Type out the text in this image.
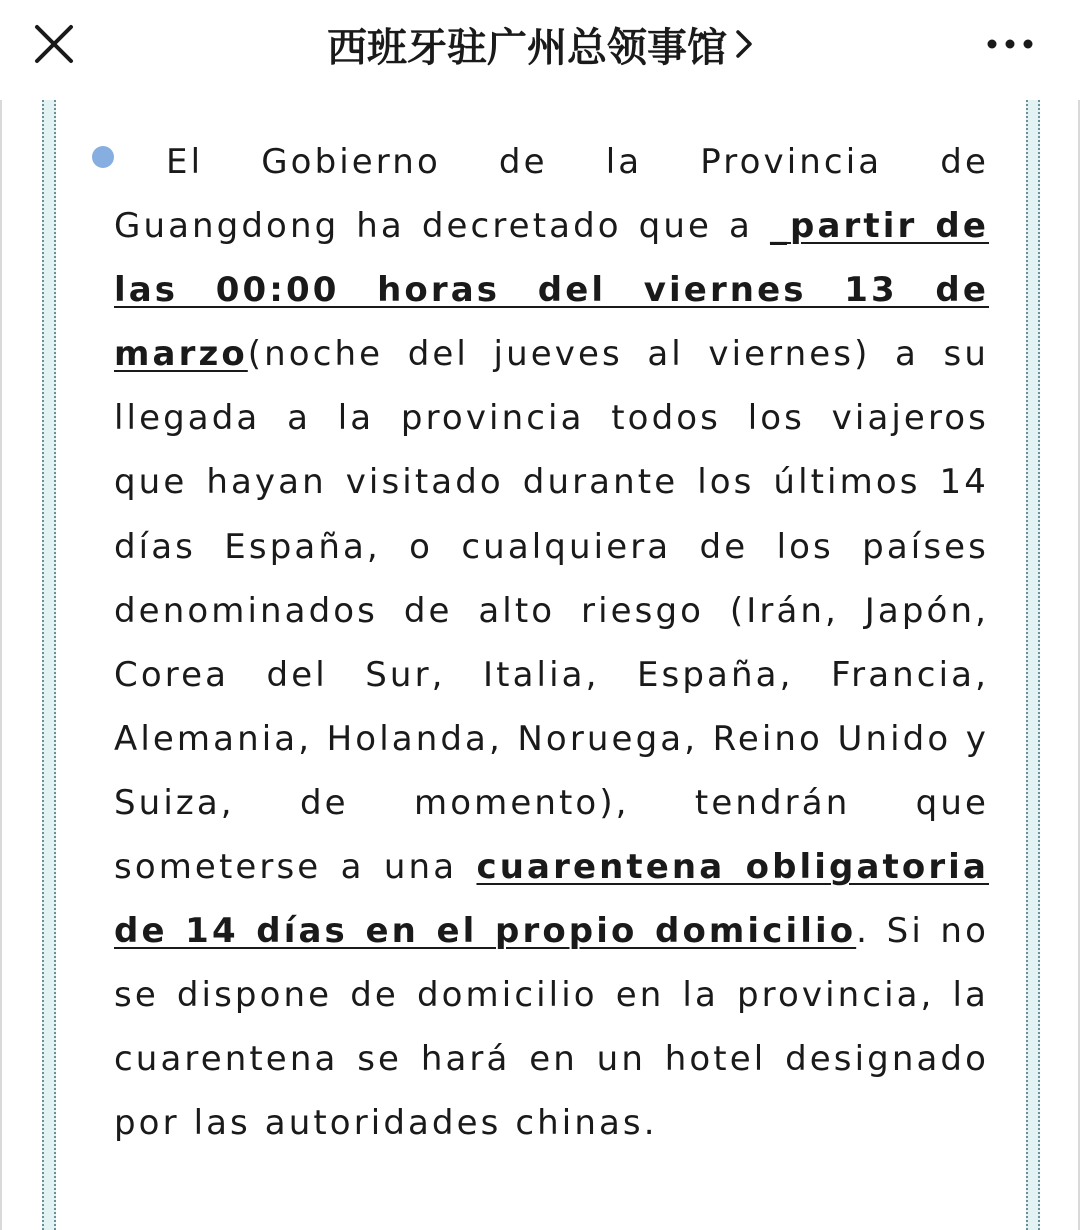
西班牙驻广州总领事馆

El Gobierno de la Provincia de Guangdong ha decretado que a _partir de las 00:00 horas del viernes 13 de marzo(noche del jueves al viernes) a su llegada a la provincia todos los viajeros que hayan visitado durante los últimos 14 días España, o cualquiera de los países denominados de alto riesgo (Irán, Japón, Corea del Sur, Italia, España, Francia, Alemania, Holanda, Noruega, Reino Unido y Suiza, de momento), tendrán que someterse a una cuarentena obligatoria de 14 días en el propio domicilio. Si no se dispone de domicilio en la provincia, la cuarentena se hará en un hotel designado por las autoridades chinas.
